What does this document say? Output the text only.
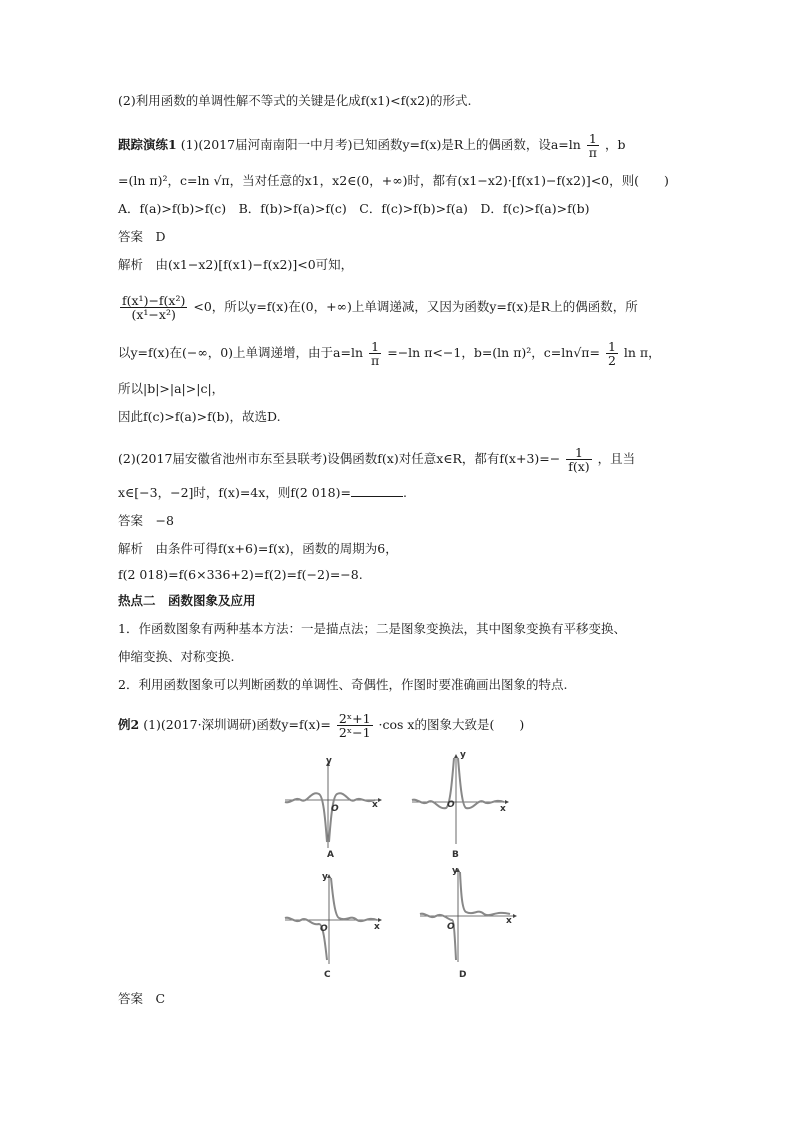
(2)利用函数的单调性解不等式的关键是化成f(x1)<f(x2)的形式.
跟踪演练1 (1)(2017届河南南阳一中月考)已知函数y=f(x)是R上的偶函数，设$a=\ln \frac{1}{\pi}$ ，b
=(ln π)²，c=ln √π，当对任意的x1，x2∈(0，+∞)时，都有(x1−x2)·[f(x1)−f(x2)]<0，则(　　)
A．f(a)>f(b)>f(c)　B．f(b)>f(a)>f(c)　C．f(c)>f(b)>f(a)　D．f(c)>f(a)>f(b)
答案　D
解析　由(x1−x2)[f(x1)−f(x2)]<0可知，
$\frac{\text{f(x¹)−f(x²)}}{\text{(x¹−x²)}} <0$，所以y=f(x)在(0，+∞)上单调递减，又因为函数y=f(x)是R上的偶函数，所
以y=f(x)在(−∞，0)上单调递增，由于$a=\ln \frac{1}{\pi} =-\ln$ π<−1，b=(ln π)²，$c=\ln√\pi= \frac{1}{2}$ ln π，
所以|b|>|a|>|c|，
因此f(c)>f(a)>f(b)，故选D.
(2)(2017届安徽省池州市东至县联考)设偶函数f(x)对任意x∈R，都有$f(x+3)=- \frac{1}{f(x)}$ ，且当
x∈[−3，−2]时，f(x)=4x，则f(2 018)=	.
答案　−8
解析　由条件可得f(x+6)=f(x)，函数的周期为6，
f(2 018)=f(6×336+2)=f(2)=f(−2)=−8.
热点二　函数图象及应用
1．作函数图象有两种基本方法：一是描点法；二是图象变换法，其中图象变换有平移变换、
伸缩变换、对称变换.
2．利用函数图象可以判断函数的单调性、奇偶性，作图时要准确画出图象的特点.
例2 (1)(2017·深圳调研)函数$y=f(x)= \frac{\text{2ˣ+1}}{\text{2ˣ−1}} \cdot\cos$ x的图象大致是(　　)
y
x
O
A
y
x
O
B
y
x
O
C
y
x
O
D
答案　C
